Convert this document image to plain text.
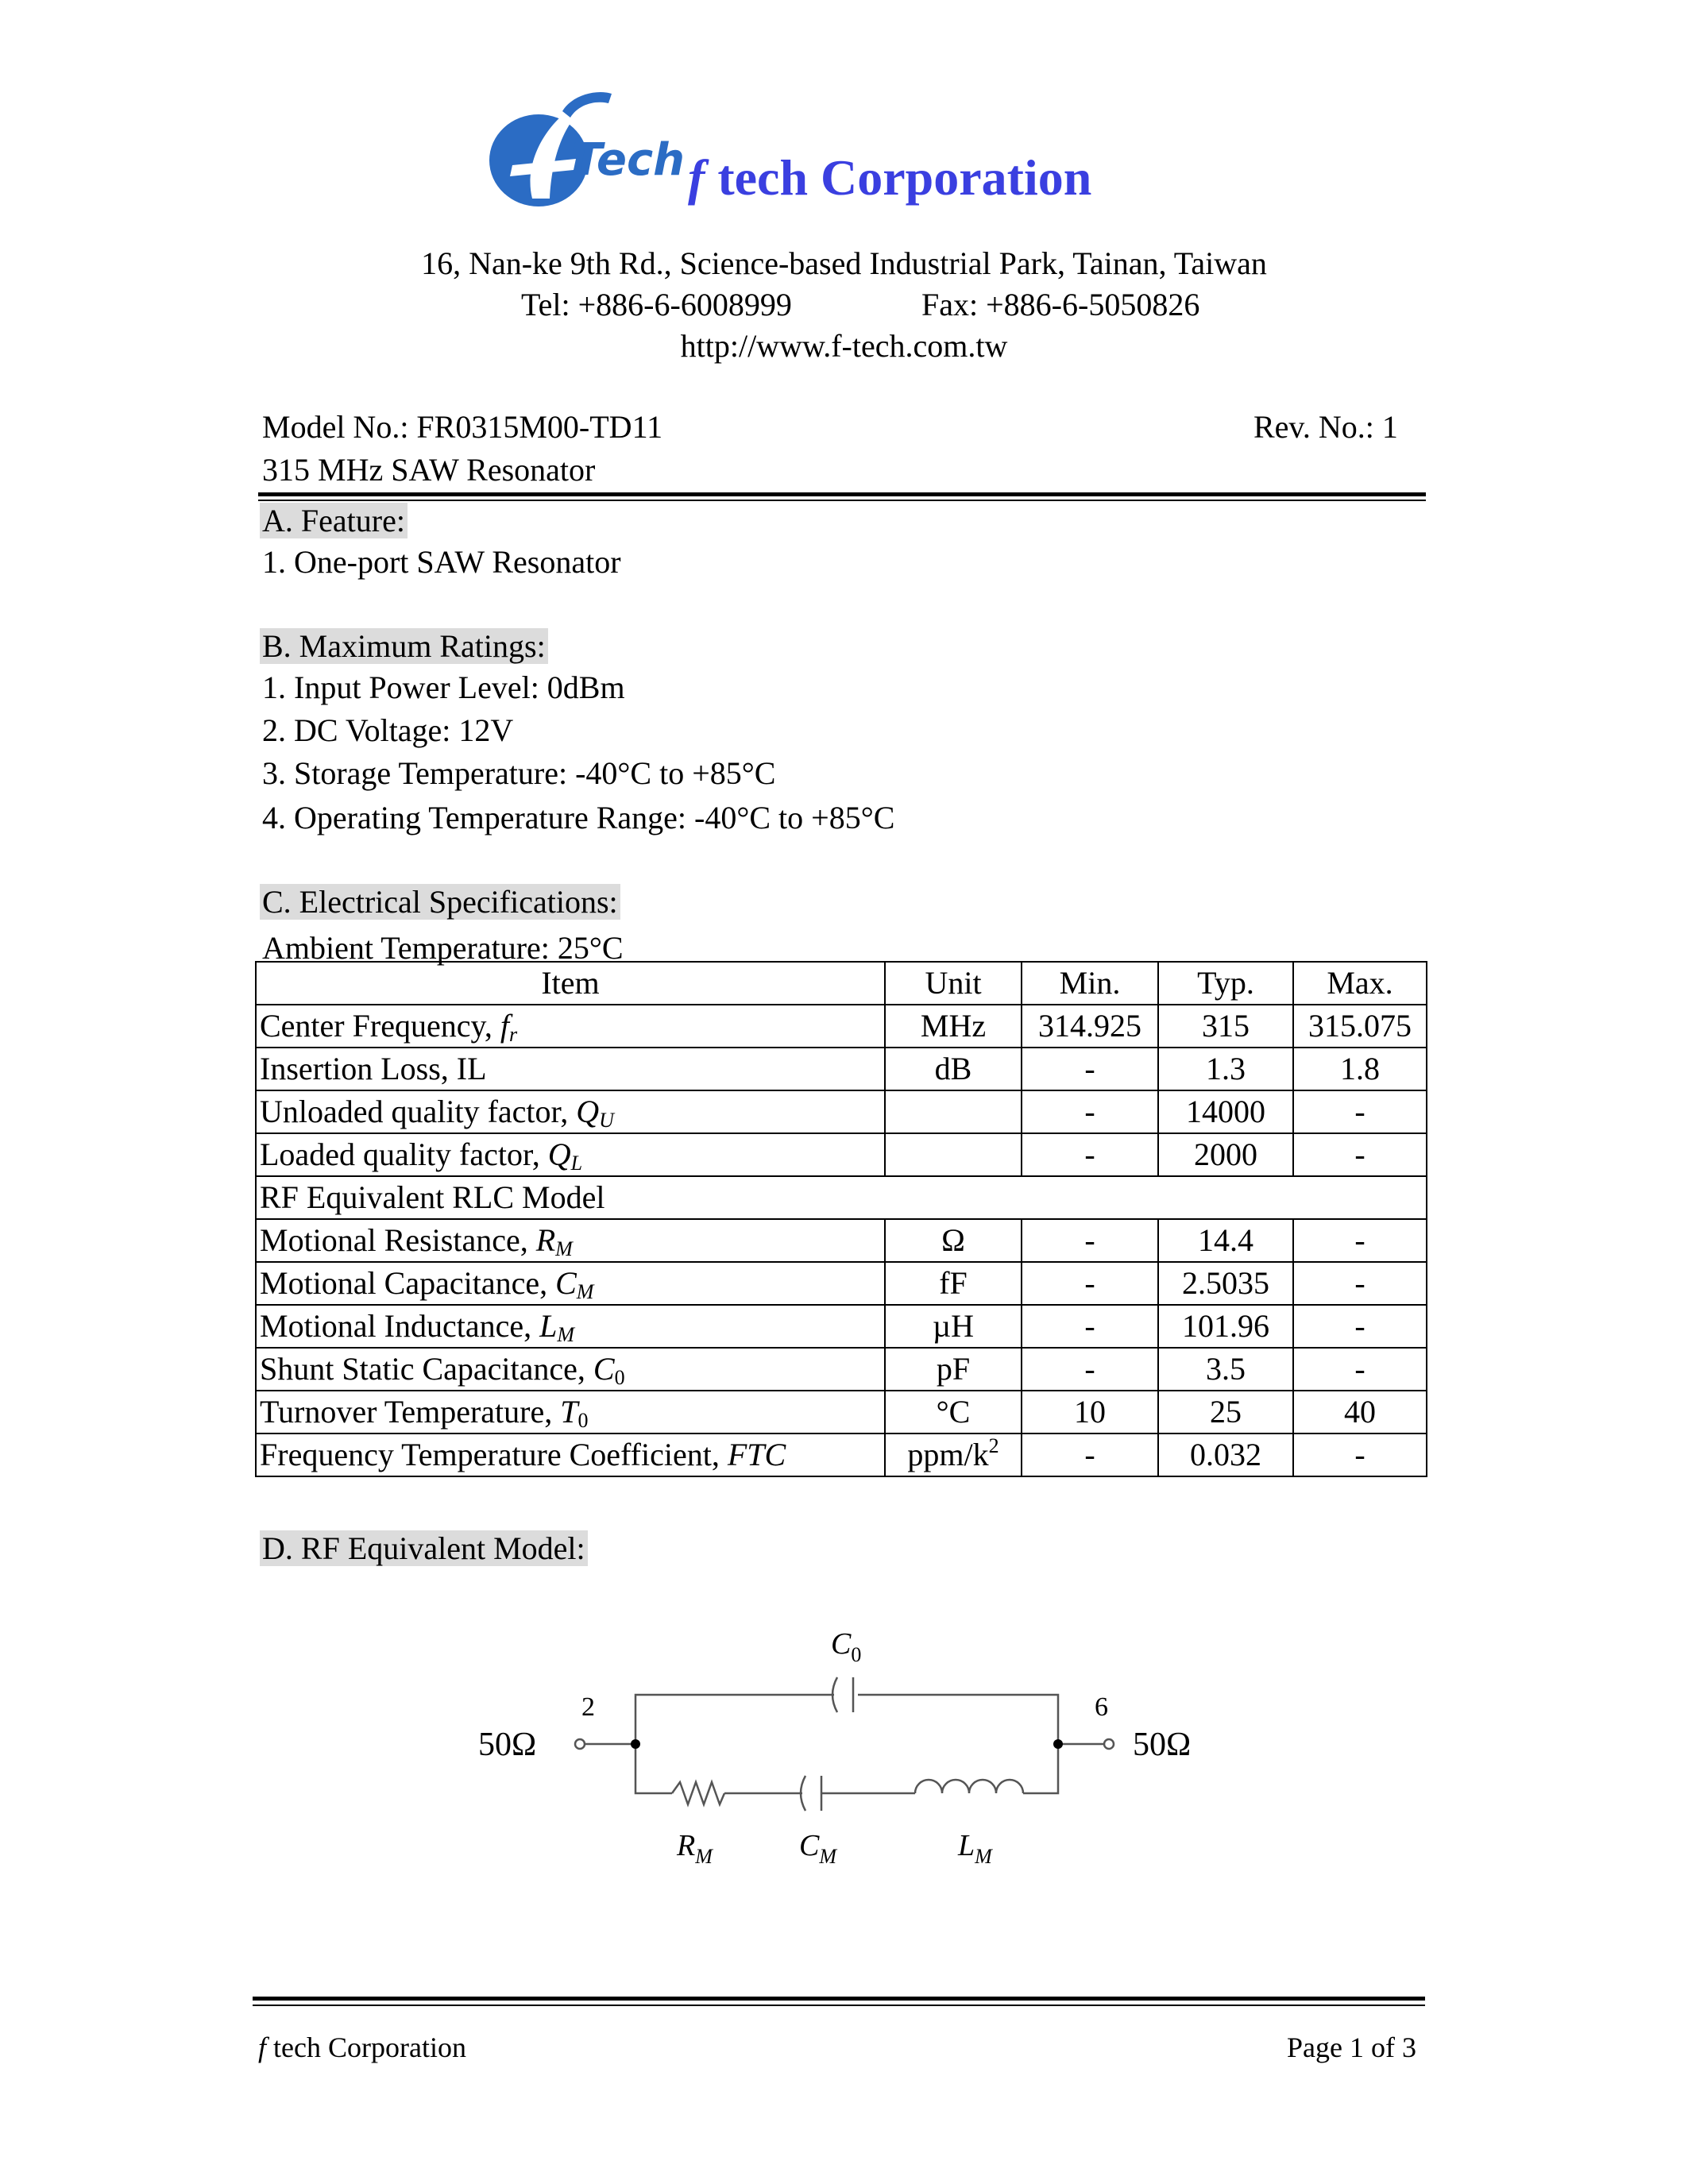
Tech f tech Corporation
16, Nan-ke 9th Rd., Science-based Industrial Park, Tainan, Taiwan
Tel: +886-6-6008999	Fax: +886-6-5050826
http://www.f-tech.com.tw
Model No.: FR0315M00-TD11	Rev. No.: 1
315 MHz SAW Resonator
A. Feature:
1. One-port SAW Resonator
B. Maximum Ratings:
1. Input Power Level: 0dBm
2. DC Voltage: 12V
3. Storage Temperature: -40°C to +85°C
4. Operating Temperature Range: -40°C to +85°C
C. Electrical Specifications:
Ambient Temperature: 25°C
Item	Unit	Min.	Typ.	Max.
Center Frequency, $f_r$	MHz	314.925	315	315.075
Insertion Loss, IL	dB	-	1.3	1.8
Unloaded quality factor, $Q_U$		-	14000	-
Loaded quality factor, $Q_L$		-	2000	-
RF Equivalent RLC Model				
Motional Resistance, $R_M$	Ω	-	14.4	-
Motional Capacitance, $C_M$	fF	-	2.5035	-
Motional Inductance, $L_M$	µH	-	101.96	-
Shunt Static Capacitance, $C_0$	pF	-	3.5	-
Turnover Temperature, $T_0$	°C	10	25	40
Frequency Temperature Coefficient, FTC	ppm/$k^2$	-	0.032	-
D. RF Equivalent Model:
$C_0$
2	6
50Ω	50Ω
$R_M$	$C_M$	$L_M$
f tech Corporation	Page 1 of 3
